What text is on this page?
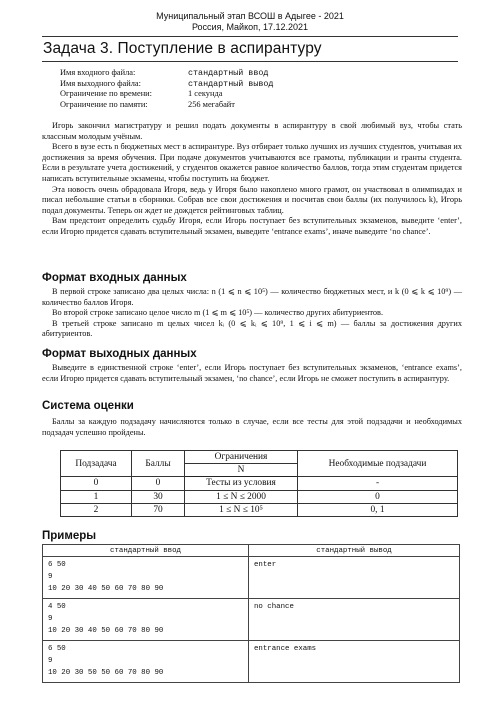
Муниципальный этап ВСОШ в Адыгее - 2021
Россия, Майкоп, 17.12.2021
Задача 3. Поступление в аспирантуру
Имя входного файла:	стандартный ввод
Имя выходного файла:	стандартный вывод
Ограничение по времени:	1 секунда
Ограничение по памяти:	256 мегабайт

Игорь закончил магистратуру и решил подать документы в аспирантуру в свой любимый вуз, чтобы стать классным молодым учёным.

Всего в вузе есть n бюджетных мест в аспирантуре. Вуз отбирает только лучших из лучших студентов, учитывая их достижения за время обучения. При подаче документов учитываются все грамоты, публикации и гранты студента. Если в результате учета достижений, у студентов окажется равное количество баллов, тогда этим студентам придется написать вступительные экзамены, чтобы поступить на бюджет.

Эта новость очень обрадовала Игоря, ведь у Игоря было накоплено много грамот, он участвовал в олимпиадах и писал небольшие статьи в сборники. Собрав все свои достижения и посчитав свои баллы (их получилось k), Игорь подал документы. Теперь он ждет не дождется рейтинговых таблиц.

Вам предстоит определить судьбу Игоря, если Игорь поступает без вступительных экзаменов, выведите ‘enter’, если Игорю придется сдавать вступительный экзамен, выведите ‘entrance exams’, иначе выведите ‘no chance’.

Формат входных данных

В первой строке записано два целых числа: n (1 ⩽ n ⩽ 10⁵) — количество бюджетных мест, и k (0 ⩽ k ⩽ 10⁹) — количество баллов Игоря.

Во второй строке записано целое число m (1 ⩽ m ⩽ 10⁵) — количество других абитуриентов.

В третьей строке записано m целых чисел kᵢ (0 ⩽ kᵢ ⩽ 10⁹, 1 ⩽ i ⩽ m) — баллы за достижения других абитуриентов.

Формат выходных данных

Выведите в единственной строке ‘enter’, если Игорь поступает без вступительных экзаменов, ‘entrance exams’, если Игорю придется сдавать вступительный экзамен, ‘no chance’, если Игорь не сможет поступить в аспирантуру.

Система оценки

Баллы за каждую подзадачу начисляются только в случае, если все тесты для этой подзадачи и необходимых подзадач успешно пройдены.

Подзадача	Баллы	Ограничения	Необходимые подзадачи
		N	
0	0	Тесты из условия	-
1	30	1 ≤ N ≤ 2000	0
2	70	1 ≤ N ≤ 10⁵	0, 1
Примеры
стандартный ввод	стандартный вывод

6 50
9
10 20 30 40 50 60 70 80 90	enter

4 50
9
10 20 30 40 50 60 70 80 90	no chance

6 50
9
10 20 30 50 50 60 70 80 90	entrance exams
